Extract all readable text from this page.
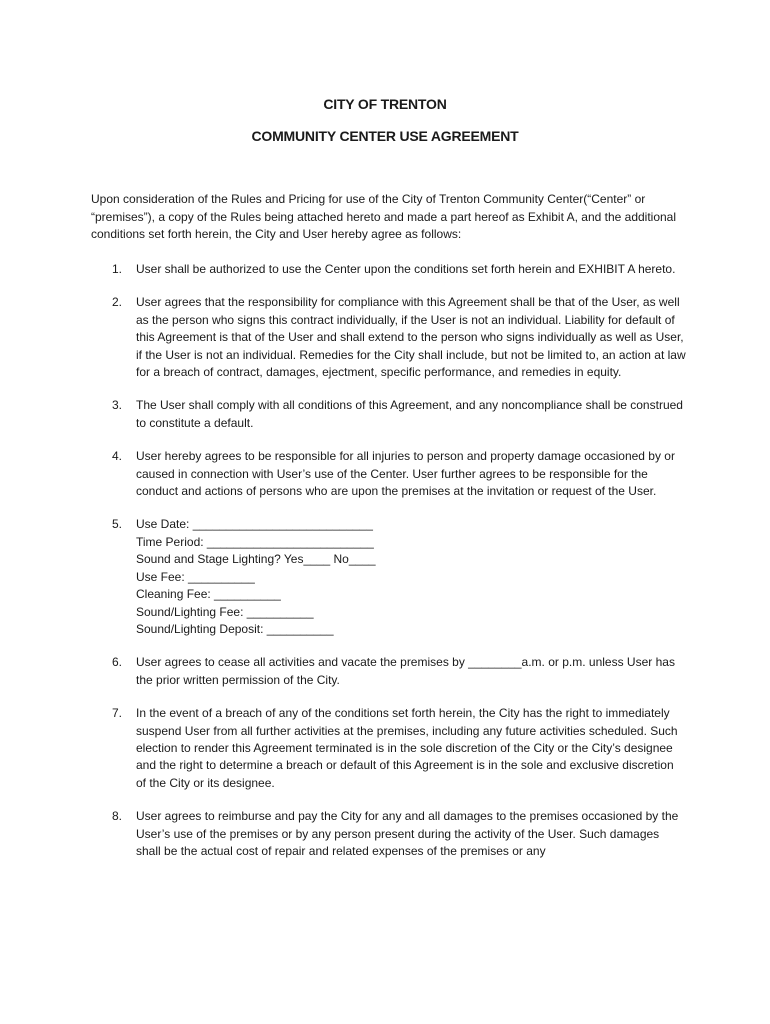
CITY OF TRENTON
COMMUNITY CENTER USE AGREEMENT

Upon consideration of the Rules and Pricing for use of the City of Trenton Community Center(“Center” or “premises”), a copy of the Rules being attached hereto and made a part hereof as Exhibit A, and the additional conditions set forth herein, the City and User hereby agree as follows:

1. User shall be authorized to use the Center upon the conditions set forth herein and EXHIBIT A hereto.
2. User agrees that the responsibility for compliance with this Agreement shall be that of the User, as well as the person who signs this contract individually, if the User is not an individual. Liability for default of this Agreement is that of the User and shall extend to the person who signs individually as well as User, if the User is not an individual. Remedies for the City shall include, but not be limited to, an action at law for a breach of contract, damages, ejectment, specific performance, and remedies in equity.
3. The User shall comply with all conditions of this Agreement, and any noncompliance shall be construed to constitute a default.
4. User hereby agrees to be responsible for all injuries to person and property damage occasioned by or caused in connection with User’s use of the Center. User further agrees to be responsible for the conduct and actions of persons who are upon the premises at the invitation or request of the User.
5. Use Date: ___________________________
Time Period: _________________________
Sound and Stage Lighting? Yes____ No____
Use Fee: __________
Cleaning Fee: __________
Sound/Lighting Fee: __________
Sound/Lighting Deposit: __________
6. User agrees to cease all activities and vacate the premises by ________a.m. or p.m. unless User has the prior written permission of the City.
7. In the event of a breach of any of the conditions set forth herein, the City has the right to immediately suspend User from all further activities at the premises, including any future activities scheduled. Such election to render this Agreement terminated is in the sole discretion of the City or the City’s designee and the right to determine a breach or default of this Agreement is in the sole and exclusive discretion of the City or its designee.
8. User agrees to reimburse and pay the City for any and all damages to the premises occasioned by the User’s use of the premises or by any person present during the activity of the User. Such damages shall be the actual cost of repair and related expenses of the premises or any
